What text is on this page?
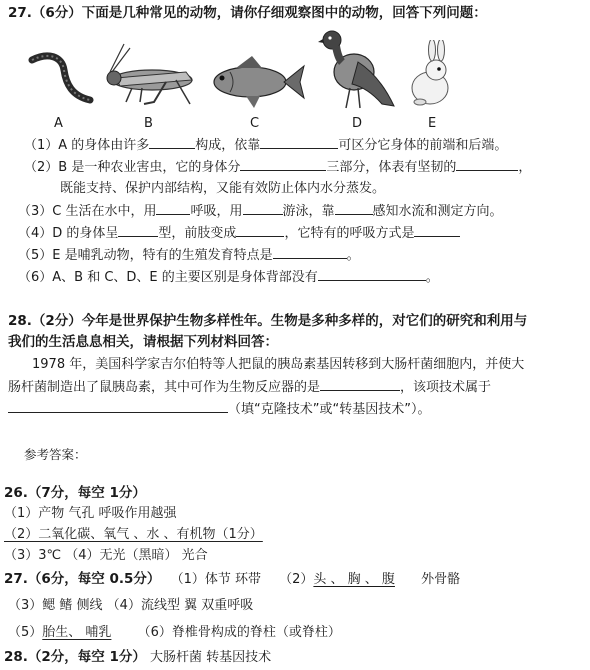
27.（6分）下面是几种常见的动物，请你仔细观察图中的动物，回答下列问题：
A	B	C	D	E
（1）A 的身体由许多	构成，依靠	可区分它身体的前端和后端。
（2）B 是一种农业害虫，它的身体分	三部分，体表有坚韧的	，
既能支持、保护内部结构，又能有效防止体内水分蒸发。
（3）C 生活在水中，用	呼吸，用	游泳，靠	感知水流和测定方向。
（4）D 的身体呈	型，前肢变成	，它特有的呼吸方式是
（5）E 是哺乳动物，特有的生殖发育特点是	。
（6）A、B 和 C、D、E 的主要区别是身体背部没有	。
28.（2分）今年是世界保护生物多样性年。生物是多种多样的，对它们的研究和利用与
我们的生活息息相关，请根据下列材料回答：
1978 年，美国科学家吉尔伯特等人把鼠的胰岛素基因转移到大肠杆菌细胞内，并使大
肠杆菌制造出了鼠胰岛素，其中可作为生物反应器的是	，该项技术属于
（填“克隆技术”或“转基因技术”）。
参考答案：
26.（7分，每空 1分）
（1）产物 气孔 呼吸作用越强
（2）二氧化碳、氧气 、水 、有机物（1分）
（3）3℃ （4）无光（黑暗） 光合
27.（6分，每空 0.5分） （1）体节 环带 （2）头 、 胸 、 腹 外骨骼
（3）鳃 鳍 侧线 （4）流线型 翼 双重呼吸
（5）胎生、 哺乳 （6）脊椎骨构成的脊柱（或脊柱）
28.（2分，每空 1分） 大肠杆菌 转基因技术
